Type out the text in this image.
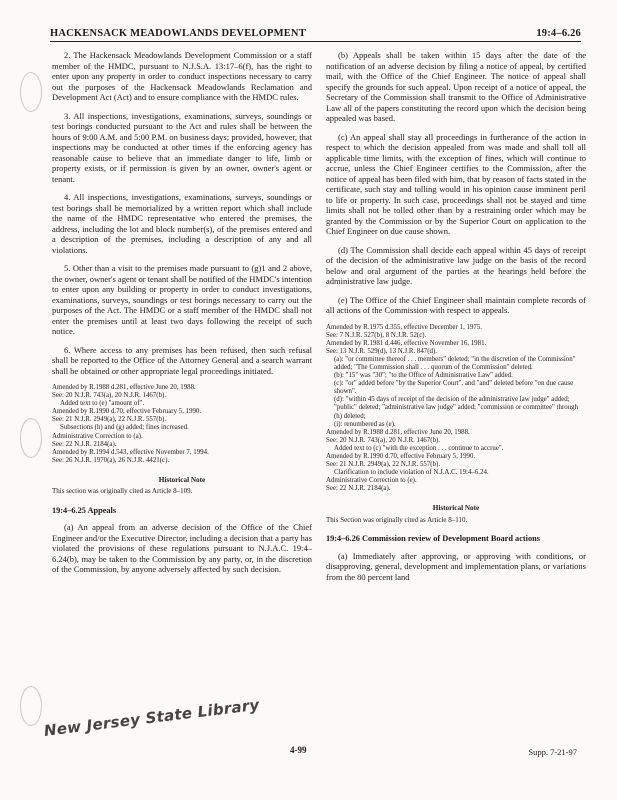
HACKENSACK MEADOWLANDS DEVELOPMENT	19:4–6.26

2. The Hackensack Meadowlands Development Commission or a staff member of the HMDC, pursuant to N.J.S.A. 13:17–6(f), has the right to enter upon any property in order to conduct inspections necessary to carry out the purposes of the Hackensack Meadowlands Reclamation and Development Act (Act) and to ensure compliance with the HMDC rules.

3. All inspections, investigations, examinations, surveys, soundings or test borings conducted pursuant to the Act and rules shall be between the hours of 9:00 A.M. and 5:00 P.M. on business days; provided, however, that inspections may be conducted at other times if the enforcing agency has reasonable cause to believe that an immediate danger to life, limb or property exists, or if permission is given by an owner, owner's agent or tenant.

4. All inspections, investigations, examinations, surveys, soundings or test borings shall be memorialized by a written report which shall include the name of the HMDC representative who entered the premises, the address, including the lot and block number(s), of the premises entered and a description of the premises, including a description of any and all violations.

5. Other than a visit to the premises made pursuant to (g)1 and 2 above, the owner, owner's agent or tenant shall be notified of the HMDC's intention to enter upon any building or property in order to conduct investigations, examinations, surveys, soundings or test borings necessary to carry out the purposes of the Act. The HMDC or a staff member of the HMDC shall not enter the premises until at least two days following the receipt of such notice.

6. Where access to any premises has been refused, then such refusal shall be reported to the Office of the Attorney General and a search warrant shall be obtained or other appropriate legal proceedings initiated.

Amended by R.1988 d.281, effective June 20, 1988.
See: 20 N.J.R. 743(a), 20 N.J.R. 1467(b).
Added text to (e) "amount of".
Amended by R.1990 d.70, effective February 5, 1990.
See: 21 N.J.R. 2949(a), 22 N.J.R. 557(b).
Subsections (h) and (g) added; fines increased.
Administrative Correction to (a).
See: 22 N.J.R. 2184(a).
Amended by R.1994 d.543, effective November 7, 1994.
See: 26 N.J.R. 1970(a), 26 N.J.R. 4421(c).
Historical Note
This section was originally cited as Article 8–109.
19:4–6.25 Appeals

(a) An appeal from an adverse decision of the Office of the Chief Engineer and/or the Executive Director, including a decision that a party has violated the provisions of these regulations pursuant to N.J.A.C. 19:4–6.24(b), may be taken to the Commission by any party, or, in the discretion of the Commission, by anyone adversely affected by such decision.

(b) Appeals shall be taken within 15 days after the date of the notification of an adverse decision by filing a notice of appeal, by certified mail, with the Office of the Chief Engineer. The notice of appeal shall specify the grounds for such appeal. Upon receipt of a notice of appeal, the Secretary of the Commission shall transmit to the Office of Administrative Law all of the papers constituting the record upon which the decision being appealed was based.

(c) An appeal shall stay all proceedings in furtherance of the action in respect to which the decision appealed from was made and shall toll all applicable time limits, with the exception of fines, which will continue to accrue, unless the Chief Engineer certifies to the Commission, after the notice of appeal has been filed with him, that by reason of facts stated in the certificate, such stay and tolling would in his opinion cause imminent peril to life or property. In such case, proceedings shall not be stayed and time limits shall not be tolled other than by a restraining order which may be granted by the Commission or by the Superior Court on application to the Chief Engineer on due cause shown.

(d) The Commission shall decide each appeal within 45 days of receipt of the decision of the administrative law judge on the basis of the record below and oral argument of the parties at the hearings held before the administrative law judge.

(e) The Office of the Chief Engineer shall maintain complete records of all actions of the Commission with respect to appeals.

Amended by R.1975 d.355, effective December 1, 1975.
See: 7 N.J.R. 527(b), 8 N.J.R. 52(c).
Amended by R.1981 d.446, effective November 16, 1981.
See: 13 N.J.R. 529(d), 13 N.J.R. 847(d).
(a): "or committee thereof . . . members" deleted; "in the discretion of the Commission" added; "The Commission shall . . . quorum of the Commission" deleted.
(b): "15" was "30"; "to the Office of Administrative Law" added.
(c): "or" added before "by the Superior Court", and "and" deleted before "on due cause shown".
(d): "within 45 days of receipt of the decision of the administrative law judge" added; "public" deleted; "administrative law judge" added; "commission or committee" through (h) deleted;
(i): renumbered as (e).
Amended by R.1988 d.281, effective June 20, 1988.
See: 20 N.J.R. 743(a), 20 N.J.R. 1467(b).
Added text to (c) "with the exception . . . continue to accrue".
Amended by R.1990 d.70, effective February 5, 1990.
See: 21 N.J.R. 2949(a), 22 N.J.R. 557(b).
Clarification to include violation of N.J.A.C. 19:4–6.24.
Administrative Correction to (e).
See: 22 N.J.R. 2184(a).
Historical Note
This Section was originally cited as Article 8–110.
19:4–6.26 Commission review of Development Board actions

(a) Immediately after approving, or approving with conditions, or disapproving, general, development and implementation plans, or variations from the 80 percent land

New Jersey State Library
4-99	Supp. 7-21-97
